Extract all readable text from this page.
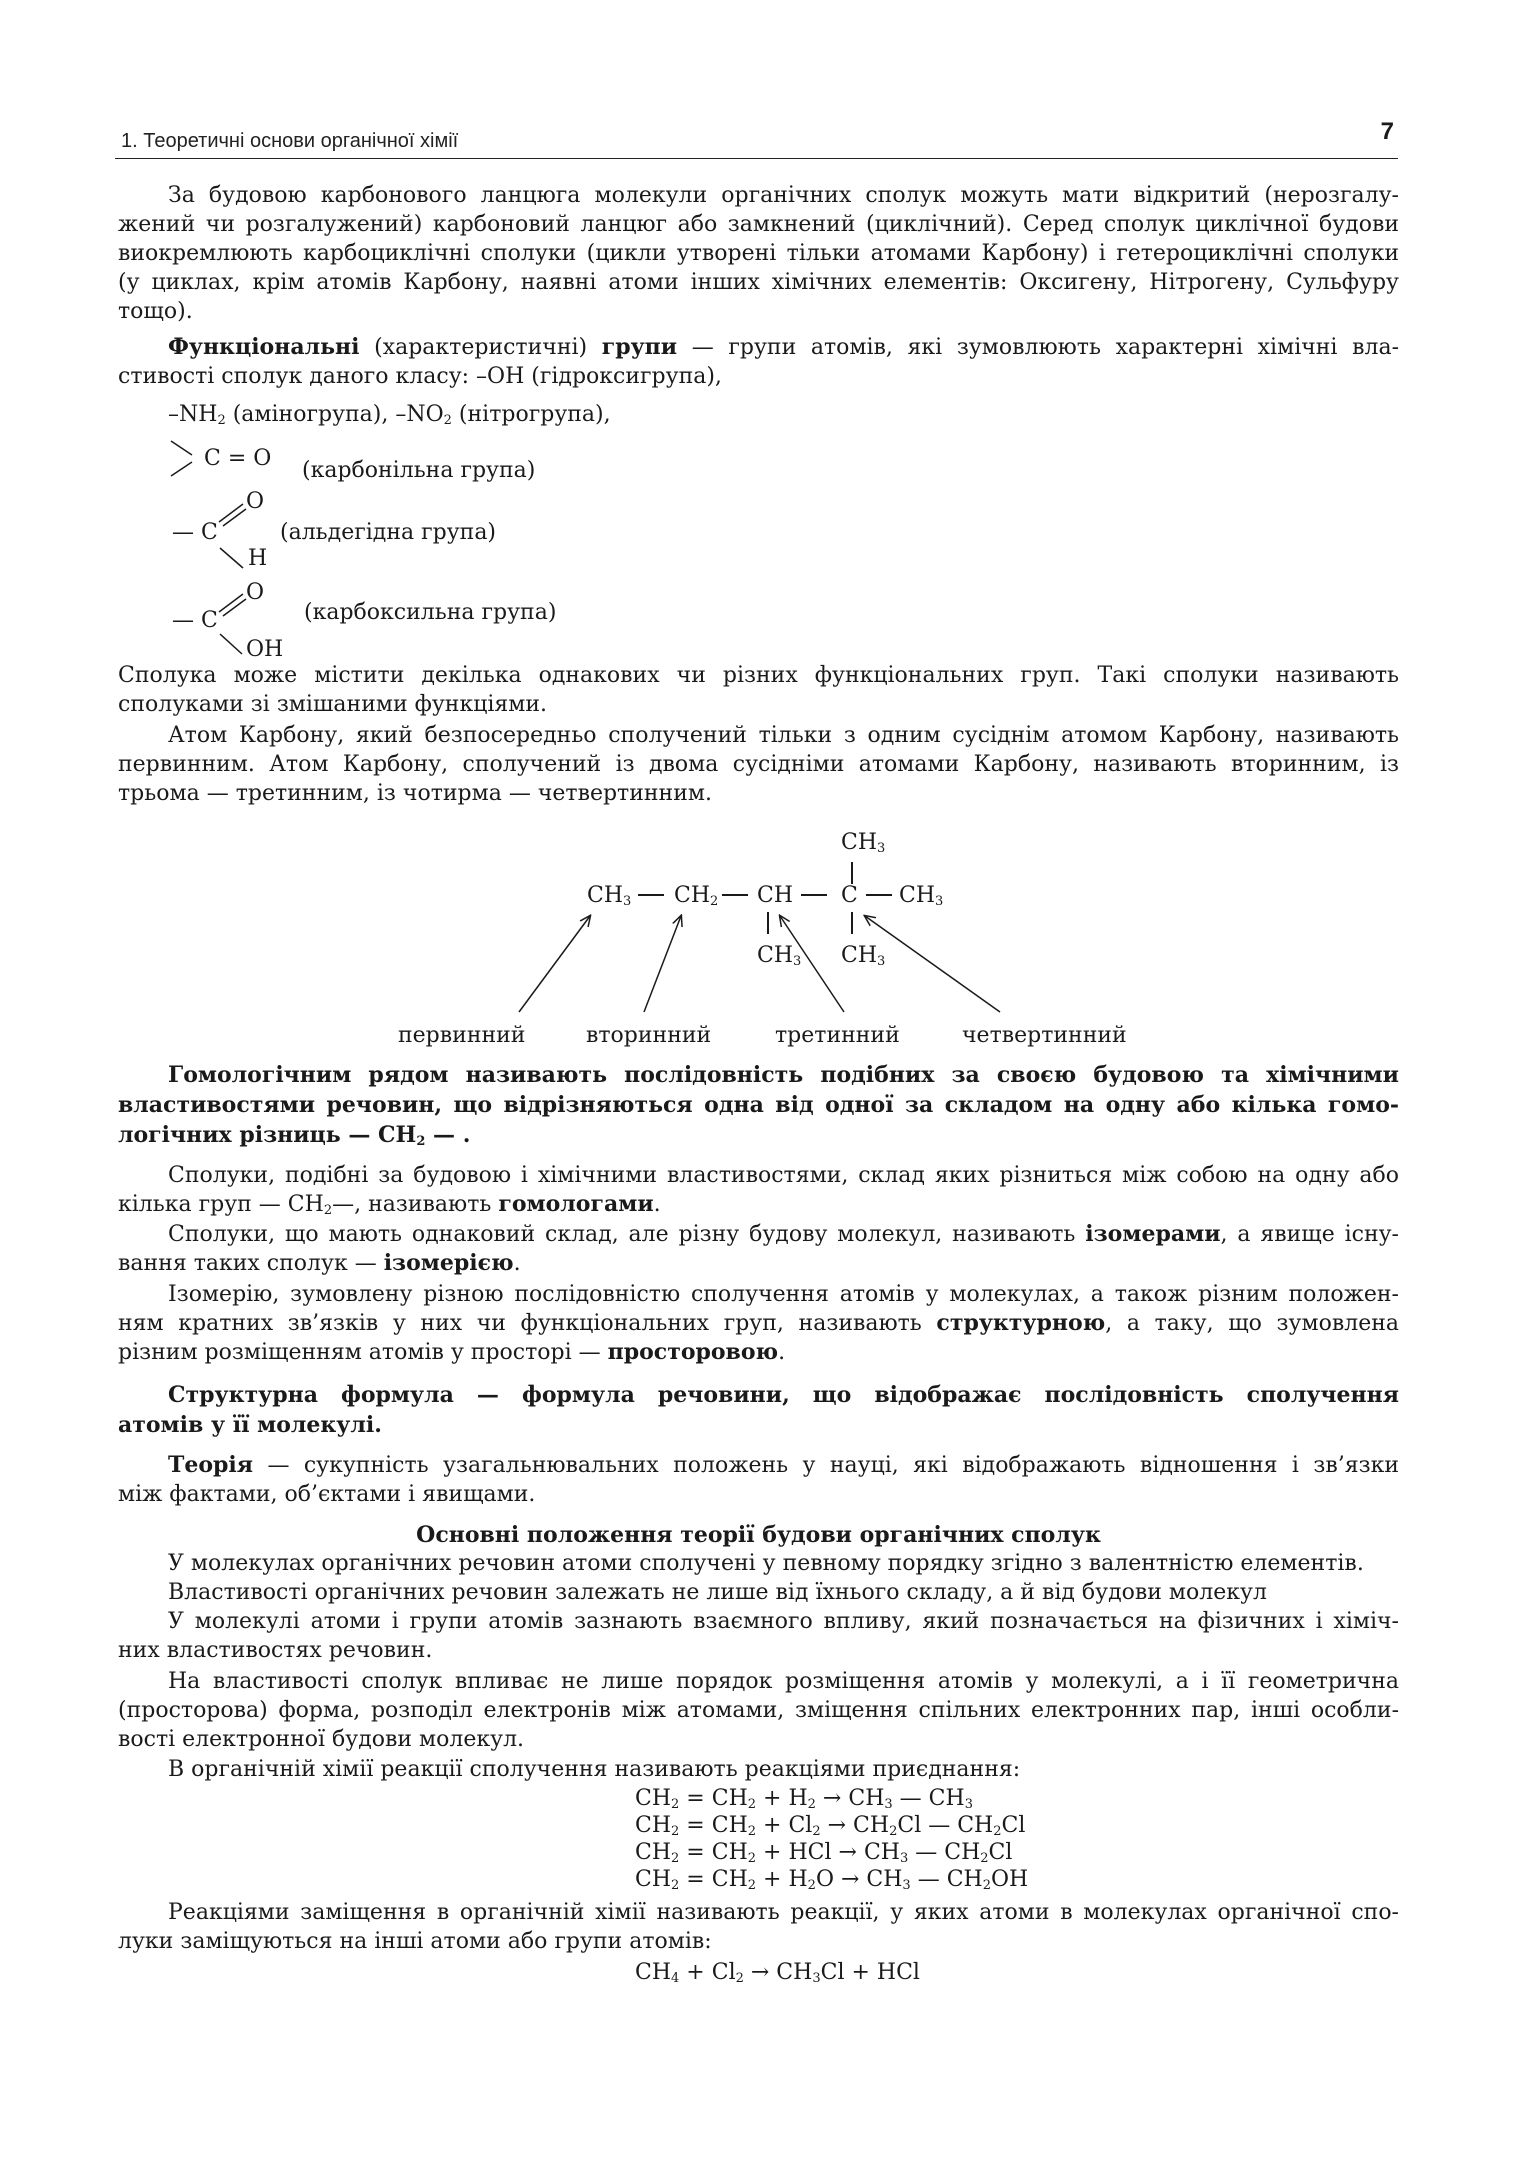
1. Теоретичні основи органічної хімії	7
За будовою карбонового ланцюга молекули органічних сполук можуть мати відкритий (нерозгалу-
жений чи розгалужений) карбоновий ланцюг або замкнений (циклічний). Серед сполук циклічної будови
виокремлюють карбоциклічні сполуки (цикли утворені тільки атомами Карбону) і гетероциклічні сполуки
(у циклах, крім атомів Карбону, наявні атоми інших хімічних елементів: Оксигену, Нітрогену, Сульфуру
тощо).
Функціональні (характеристичні) групи — групи атомів, які зумовлюють характерні хімічні вла-
стивості сполук даного класу: –OH (гідроксигрупа),
$-NH_2$ (аміногрупа), $-NO_2$ (нітрогрупа),
C = O (карбонільна група)
O
— C	(альдегідна група)
H
O
— C	(карбоксильна група)
OH
Сполука може містити декілька однакових чи різних функціональних груп. Такі сполуки називають
сполуками зі змішаними функціями.
Атом Карбону, який безпосередньо сполучений тільки з одним сусіднім атомом Карбону, називають
первинним. Атом Карбону, сполучений із двома сусідніми атомами Карбону, називають вторинним, із
трьома — третинним, із чотирма — четвертинним.
$CH_3$
$CH_3$ $CH_2$ CH C $CH_3$
$CH_3$ $CH_3$
первинний	вторинний	третинний	четвертинний
Гомологічним рядом називають послідовність подібних за своєю будовою та хімічними
властивостями речовин, що відрізняються одна від одної за складом на одну або кілька гомо-
логічних різниць — $CH_2$ — .
Сполуки, подібні за будовою і хімічними властивостями, склад яких різниться між собою на одну або
кілька груп — $CH_2—$, називають гомологами.
Сполуки, що мають однаковий склад, але різну будову молекул, називають ізомерами, а явище існу-
вання таких сполук — ізомерією.
Ізомерію, зумовлену різною послідовністю сполучення атомів у молекулах, а також різним положен-
ням кратних зв’язків у них чи функціональних груп, називають структурною, а таку, що зумовлена
різним розміщенням атомів у просторі — просторовою.
Структурна формула — формула речовини, що відображає послідовність сполучення
атомів у її молекулі.
Теорія — сукупність узагальнювальних положень у науці, які відображають відношення і зв’язки
між фактами, об’єктами і явищами.
Основні положення теорії будови органічних сполук
У молекулах органічних речовин атоми сполучені у певному порядку згідно з валентністю елементів.
Властивості органічних речовин залежать не лише від їхнього складу, а й від будови молекул
У молекулі атоми і групи атомів зазнають взаємного впливу, який позначається на фізичних і хіміч-
них властивостях речовин.
На властивості сполук впливає не лише порядок розміщення атомів у молекулі, а і її геометрична
(просторова) форма, розподіл електронів між атомами, зміщення спільних електронних пар, інші особли-
вості електронної будови молекул.
В органічній хімії реакції сполучення називають реакціями приєднання:
$CH_2 = CH_2 + H_2 \to CH_3$ — $CH_3$
$CH_2 = CH_2 + Cl_2 \to CH_2Cl$ — $CH_2Cl$
$CH_2 = CH_2$ + HCl → $CH_3$ — $CH_2Cl$
$CH_2 = CH_2 + H_2O \to CH_3$ — $CH_2OH$
Реакціями заміщення в органічній хімії називають реакції, у яких атоми в молекулах органічної спо-
луки заміщуються на інші атоми або групи атомів:
$CH_4 + Cl_2 \to CH_3Cl$ + HCl
